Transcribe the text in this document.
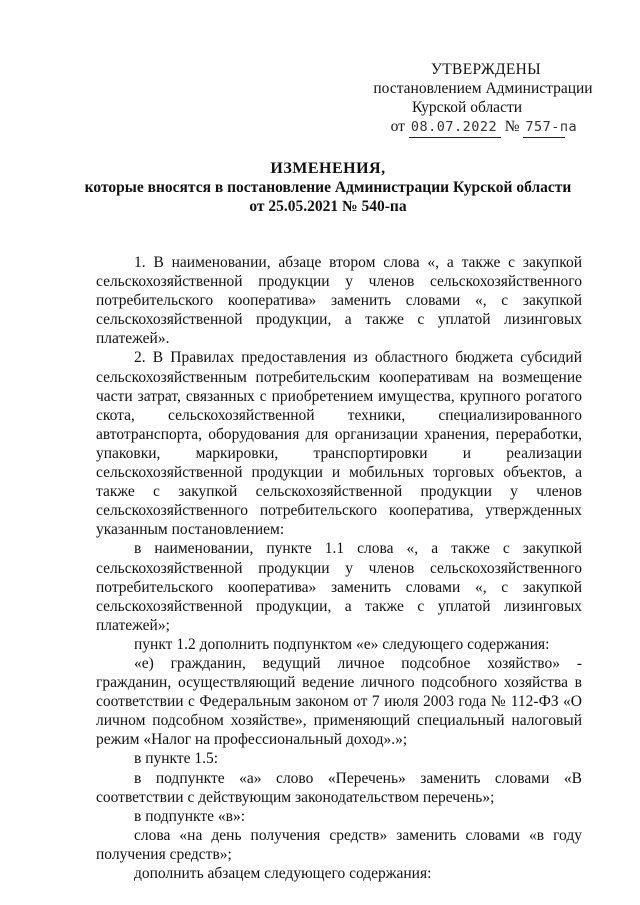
УТВЕРЖДЕНЫ
постановлением Администрации
Курской области
от 08.07.2022 № 757-па
ИЗМЕНЕНИЯ,
которые вносятся в постановление Администрации Курской области
от 25.05.2021 № 540-па

1. В наименовании, абзаце втором слова «, а также с закупкой сельскохозяйственной продукции у членов сельскохозяйственного потребительского кооператива» заменить словами «, с закупкой сельскохозяйственной продукции, а также с уплатой лизинговых платежей».

2. В Правилах предоставления из областного бюджета субсидий сельскохозяйственным потребительским кооперативам на возмещение части затрат, связанных с приобретением имущества, крупного рогатого скота, сельскохозяйственной техники, специализированного автотранспорта, оборудования для организации хранения, переработки, упаковки, маркировки, транспортировки и реализации сельскохозяйственной продукции и мобильных торговых объектов, а также с закупкой сельскохозяйственной продукции у членов сельскохозяйственного потребительского кооператива, утвержденных указанным постановлением:

в наименовании, пункте 1.1 слова «, а также с закупкой сельскохозяйственной продукции у членов сельскохозяйственного потребительского кооператива» заменить словами «, с закупкой сельскохозяйственной продукции, а также с уплатой лизинговых платежей»;

пункт 1.2 дополнить подпунктом «е» следующего содержания:

«е) гражданин, ведущий личное подсобное хозяйство» - гражданин, осуществляющий ведение личного подсобного хозяйства в соответствии с Федеральным законом от 7 июля 2003 года № 112-ФЗ «О личном подсобном хозяйстве», применяющий специальный налоговый режим «Налог на профессиональный доход».»;

в пункте 1.5:

в подпункте «а» слово «Перечень» заменить словами «В соответствии с действующим законодательством перечень»;

в подпункте «в»:

слова «на день получения средств» заменить словами «в году получения средств»;

дополнить абзацем следующего содержания:
